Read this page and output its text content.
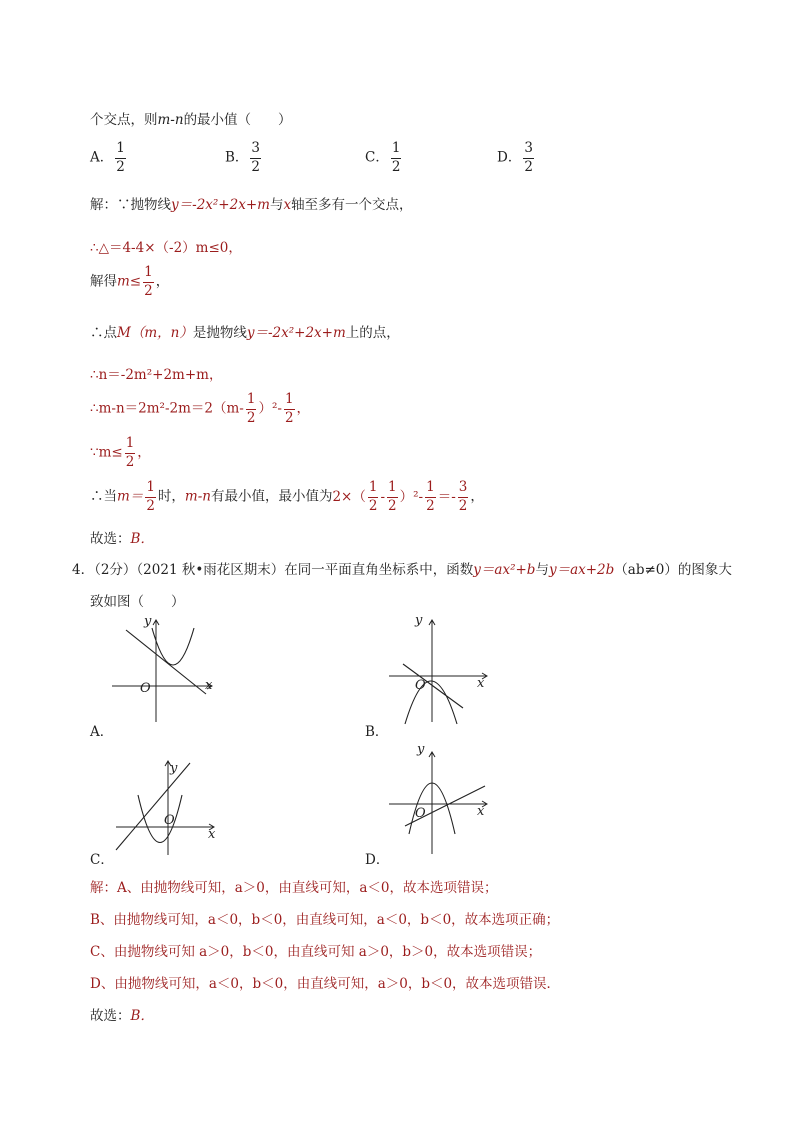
个交点，则m-n的最小值（　　）
A． $\frac{1}{2}$	B． $\frac{3}{2}$	C． $\frac{1}{2}$	D． $\frac{3}{2}$
解：∵抛物线y＝-2x²+2x+m与x轴至多有一个交点，
∴△＝4-4×（-2）m≤0，
解得$m\le \frac{1}{2}$ ，
∴点M（m，n）是抛物线y＝-2x²+2x+m上的点，
∴n＝-2m²+2m+m，
∴m-n＝2m²-2m＝2（m- $\frac{1}{2} )^2- \frac{1}{2}$ ，
∵m≤ $\frac{1}{2}$ ，
∴当$m= \frac{1}{2}$ 时，m-n有最小值，最小值为$2\times( \frac{1}{2} - \frac{1}{2} )^2- \frac{1}{2} =- \frac{3}{2}$ ，
故选：B．
4．（2分）（2021 秋•雨花区期末）在同一平面直角坐标系中，函数y＝ax²+b与y＝ax+2b（ab≠0）的图象大
致如图（　　）
x
y
O
A．
x
y
O
B．
x
y
O
C．
x
y
O
D．
解：A、由抛物线可知，a＞0，由直线可知，a＜0，故本选项错误；
B、由抛物线可知，a＜0，b＜0，由直线可知，a＜0，b＜0，故本选项正确；
C、由抛物线可知 a＞0，b＜0，由直线可知 a＞0，b＞0，故本选项错误；
D、由抛物线可知，a＜0，b＜0，由直线可知，a＞0，b＜0，故本选项错误．
故选：B．
